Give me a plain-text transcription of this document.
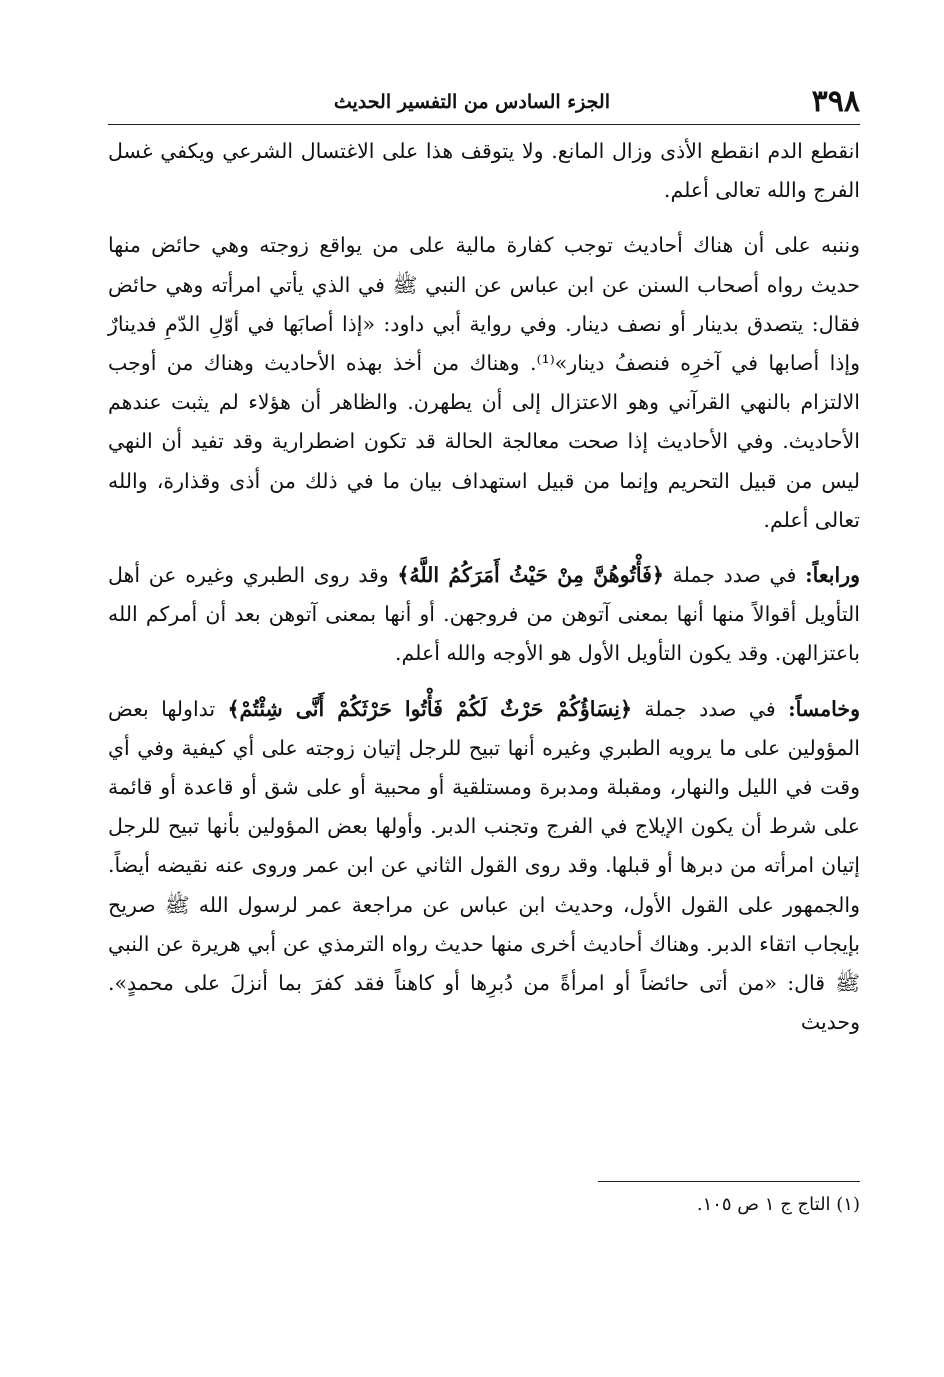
٣٩٨
الجزء السادس من التفسير الحديث

انقطع الدم انقطع الأذى وزال المانع. ولا يتوقف هذا على الاغتسال الشرعي ويكفي غسل الفرج والله تعالى أعلم.

وننبه على أن هناك أحاديث توجب كفارة مالية على من يواقع زوجته وهي حائض منها حديث رواه أصحاب السنن عن ابن عباس عن النبي ﷺ في الذي يأتي امرأته وهي حائض فقال: يتصدق بدينار أو نصف دينار. وفي رواية أبي داود: «إذا أصابَها في أوّلِ الدّمِ فدينارٌ وإذا أصابها في آخرِه فنصفُ دينار»⁽¹⁾. وهناك من أخذ بهذه الأحاديث وهناك من أوجب الالتزام بالنهي القرآني وهو الاعتزال إلى أن يطهرن. والظاهر أن هؤلاء لم يثبت عندهم الأحاديث. وفي الأحاديث إذا صحت معالجة الحالة قد تكون اضطرارية وقد تفيد أن النهي ليس من قبيل التحريم وإنما من قبيل استهداف بيان ما في ذلك من أذى وقذارة، والله تعالى أعلم.

ورابعاً: في صدد جملة ﴿فَأْتُوهُنَّ مِنْ حَيْثُ أَمَرَكُمُ اللَّهُ﴾ وقد روى الطبري وغيره عن أهل التأويل أقوالاً منها أنها بمعنى آتوهن من فروجهن. أو أنها بمعنى آتوهن بعد أن أمركم الله باعتزالهن. وقد يكون التأويل الأول هو الأوجه والله أعلم.

وخامساً: في صدد جملة ﴿نِسَاؤُكُمْ حَرْثٌ لَكُمْ فَأْتُوا حَرْثَكُمْ أَنَّى شِئْتُمْ﴾ تداولها بعض المؤولين على ما يرويه الطبري وغيره أنها تبيح للرجل إتيان زوجته على أي كيفية وفي أي وقت في الليل والنهار، ومقبلة ومدبرة ومستلقية أو محبية أو على شق أو قاعدة أو قائمة على شرط أن يكون الإيلاج في الفرج وتجنب الدبر. وأولها بعض المؤولين بأنها تبيح للرجل إتيان امرأته من دبرها أو قبلها. وقد روى القول الثاني عن ابن عمر وروى عنه نقيضه أيضاً. والجمهور على القول الأول، وحديث ابن عباس عن مراجعة عمر لرسول الله ﷺ صريح بإيجاب اتقاء الدبر. وهناك أحاديث أخرى منها حديث رواه الترمذي عن أبي هريرة عن النبي ﷺ قال: «من أتى حائضاً أو امرأةً من دُبرِها أو كاهناً فقد كفرَ بما أنزلَ على محمدٍ». وحديث

(١) التاج ج ١ ص ١٠٥.
